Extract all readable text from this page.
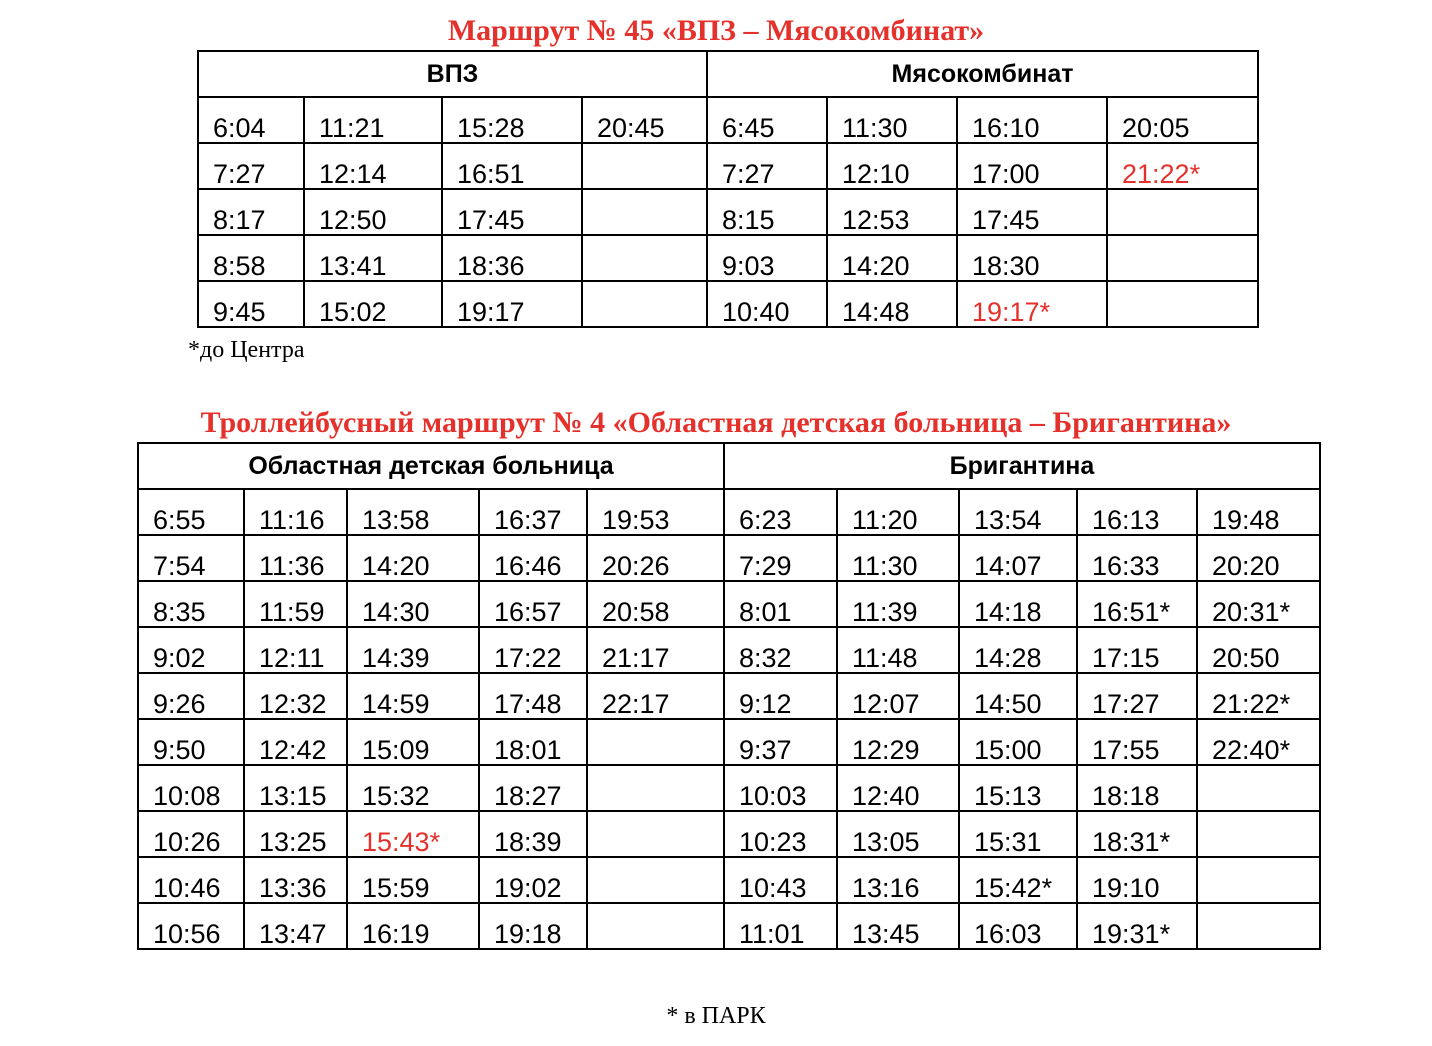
Маршрут № 45 «ВПЗ – Мясокомбинат»
ВПЗ				Мясокомбинат			
6:04	11:21	15:28	20:45	6:45	11:30	16:10	20:05
7:27	12:14	16:51		7:27	12:10	17:00	21:22*
8:17	12:50	17:45		8:15	12:53	17:45	
8:58	13:41	18:36		9:03	14:20	18:30	
9:45	15:02	19:17		10:40	14:48	19:17*	

*до Центра

Троллейбусный маршрут № 4 «Областная детская больница – Бригантина»
Областная детская больница					Бригантина				
6:55	11:16	13:58	16:37	19:53	6:23	11:20	13:54	16:13	19:48
7:54	11:36	14:20	16:46	20:26	7:29	11:30	14:07	16:33	20:20
8:35	11:59	14:30	16:57	20:58	8:01	11:39	14:18	16:51*	20:31*
9:02	12:11	14:39	17:22	21:17	8:32	11:48	14:28	17:15	20:50
9:26	12:32	14:59	17:48	22:17	9:12	12:07	14:50	17:27	21:22*
9:50	12:42	15:09	18:01		9:37	12:29	15:00	17:55	22:40*
10:08	13:15	15:32	18:27		10:03	12:40	15:13	18:18	
10:26	13:25	15:43*	18:39		10:23	13:05	15:31	18:31*	
10:46	13:36	15:59	19:02		10:43	13:16	15:42*	19:10	
10:56	13:47	16:19	19:18		11:01	13:45	16:03	19:31*	

* в ПАРК
